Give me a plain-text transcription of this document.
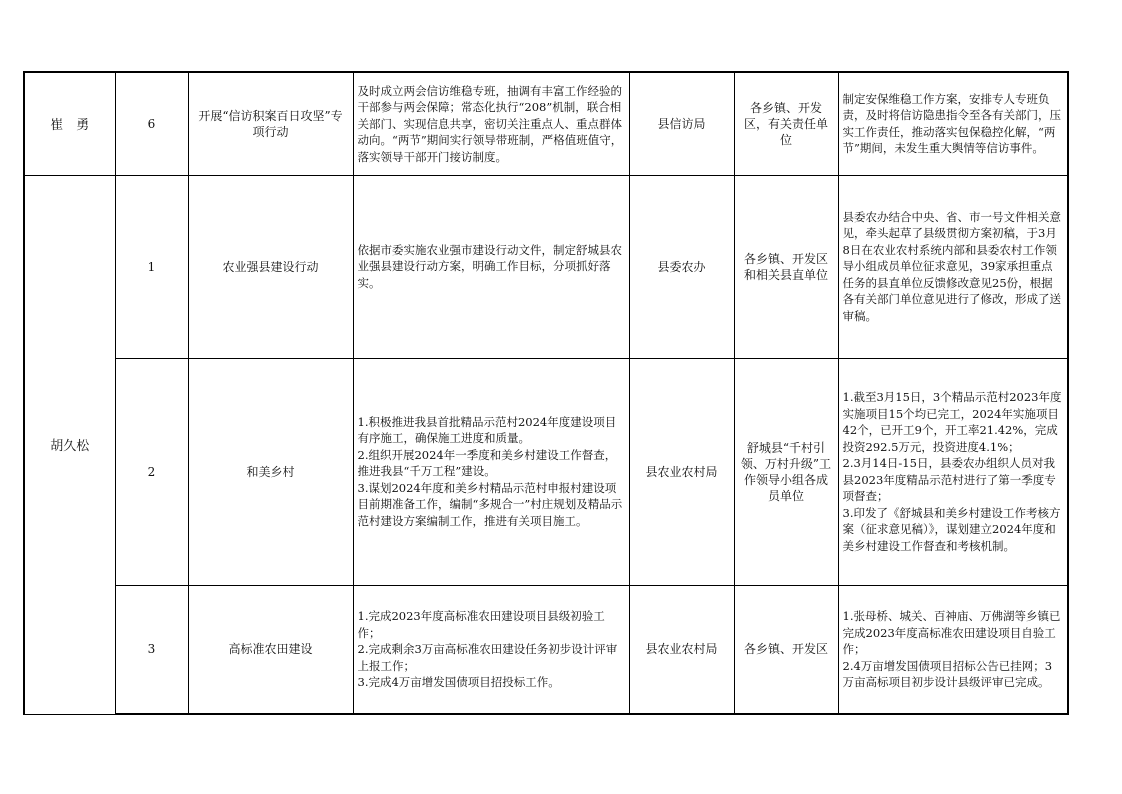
崔　勇	6	开展“信访积案百日攻坚”专项行动	及时成立两会信访维稳专班，抽调有丰富工作经验的干部参与两会保障；常态化执行“208”机制，联合相关部门、实现信息共享，密切关注重点人、重点群体动向。“两节”期间实行领导带班制，严格值班值守，落实领导干部开门接访制度。	县信访局	各乡镇、开发区，有关责任单位	制定安保维稳工作方案，安排专人专班负责，及时将信访隐患指令至各有关部门，压实工作责任，推动落实包保稳控化解，“两节”期间，未发生重大舆情等信访事件。

胡久松	1	农业强县建设行动	依据市委实施农业强市建设行动文件，制定舒城县农业强县建设行动方案，明确工作目标，分项抓好落实。	县委农办	各乡镇、开发区和相关县直单位	县委农办结合中央、省、市一号文件相关意见，牵头起草了县级贯彻方案初稿，于3月8日在农业农村系统内部和县委农村工作领导小组成员单位征求意见，39家承担重点任务的县直单位反馈修改意见25份，根据各有关部门单位意见进行了修改，形成了送审稿。

	2	和美乡村	1.积极推进我县首批精品示范村2024年度建设项目有序施工，确保施工进度和质量。
2.组织开展2024年一季度和美乡村建设工作督查，推进我县“千万工程”建设。
3.谋划2024年度和美乡村精品示范村申报村建设项目前期准备工作，编制“多规合一”村庄规划及精品示范村建设方案编制工作，推进有关项目施工。	县农业农村局	舒城县“千村引领、万村升级”工作领导小组各成员单位	1.截至3月15日，3个精品示范村2023年度实施项目15个均已完工，2024年实施项目42个，已开工9个，开工率21.42%，完成投资292.5万元，投资进度4.1%；
2.3月14日-15日，县委农办组织人员对我县2023年度精品示范村进行了第一季度专项督查；
3.印发了《舒城县和美乡村建设工作考核方案（征求意见稿）》，谋划建立2024年度和美乡村建设工作督查和考核机制。

	3	高标准农田建设	1.完成2023年度高标准农田建设项目县级初验工作；
2.完成剩余3万亩高标准农田建设任务初步设计评审上报工作；
3.完成4万亩增发国债项目招投标工作。	县农业农村局	各乡镇、开发区	1.张母桥、城关、百神庙、万佛湖等乡镇已完成2023年度高标准农田建设项目自验工作；
2.4万亩增发国债项目招标公告已挂网；3万亩高标项目初步设计县级评审已完成。
